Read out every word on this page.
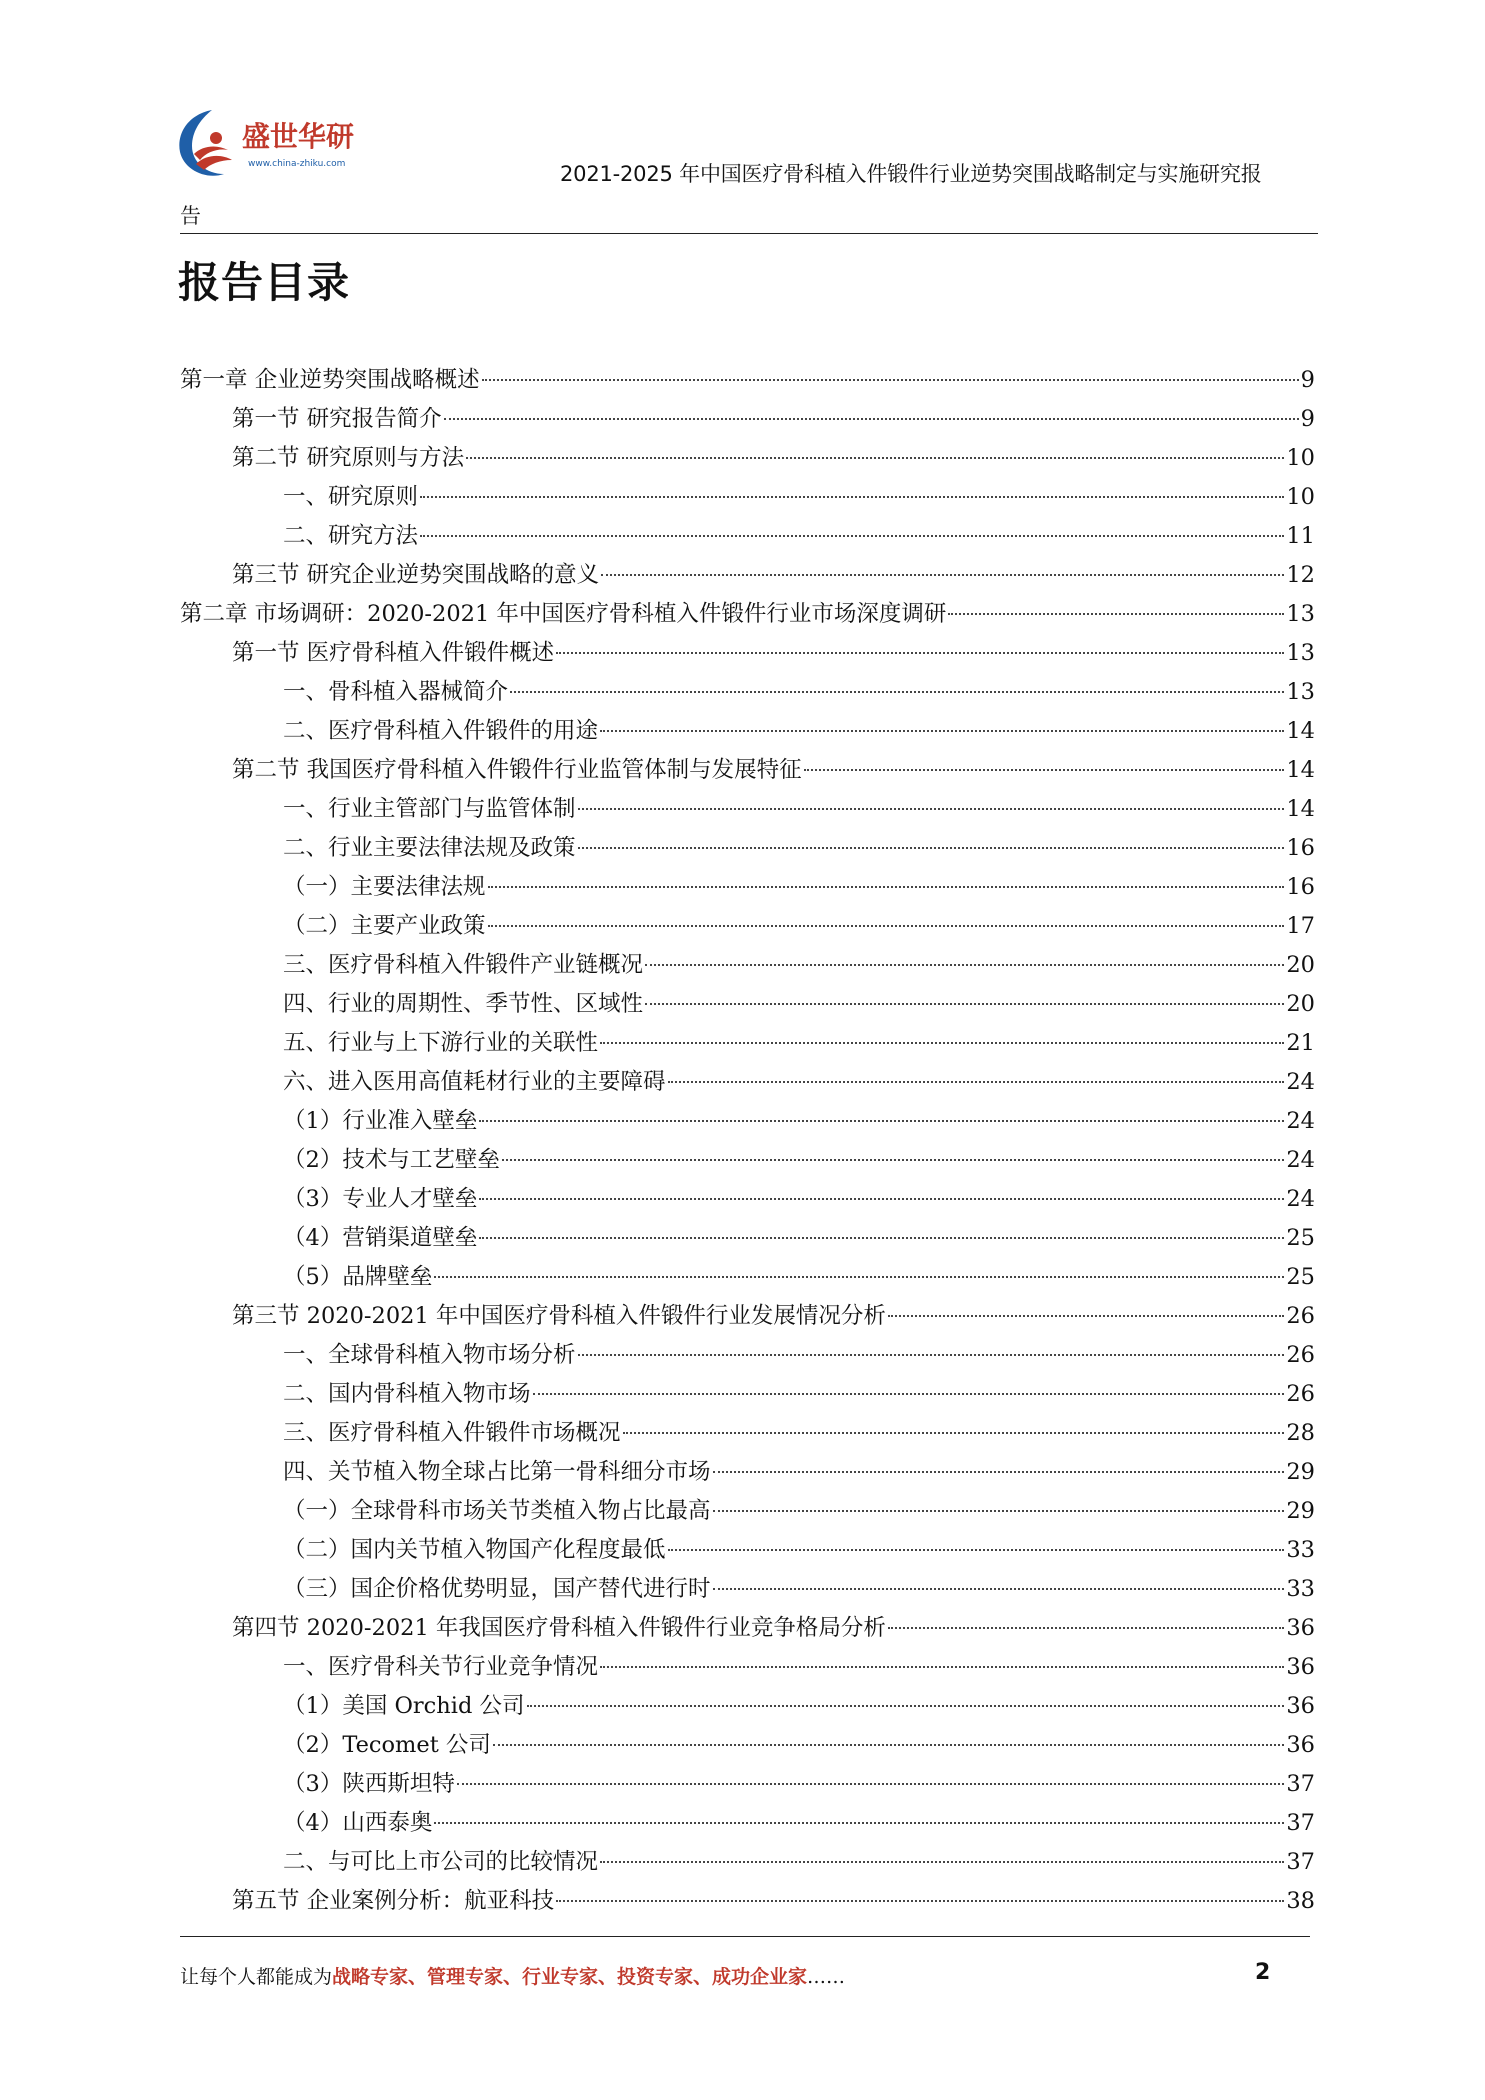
盛世华研
www.china-zhiku.com	2021-2025 年中国医疗骨科植入件锻件行业逆势突围战略制定与实施研究报
告
报告目录
第一章 企业逆势突围战略概述	9
第一节 研究报告简介	9
第二节 研究原则与方法	10
一、研究原则	10
二、研究方法	11
第三节 研究企业逆势突围战略的意义	12
第二章 市场调研：2020-2021 年中国医疗骨科植入件锻件行业市场深度调研	13
第一节 医疗骨科植入件锻件概述	13
一、骨科植入器械简介	13
二、医疗骨科植入件锻件的用途	14
第二节 我国医疗骨科植入件锻件行业监管体制与发展特征	14
一、行业主管部门与监管体制	14
二、行业主要法律法规及政策	16
（一）主要法律法规	16
（二）主要产业政策	17
三、医疗骨科植入件锻件产业链概况	20
四、行业的周期性、季节性、区域性	20
五、行业与上下游行业的关联性	21
六、进入医用高值耗材行业的主要障碍	24
（1）行业准入壁垒	24
（2）技术与工艺壁垒	24
（3）专业人才壁垒	24
（4）营销渠道壁垒	25
（5）品牌壁垒	25
第三节 2020-2021 年中国医疗骨科植入件锻件行业发展情况分析	26
一、全球骨科植入物市场分析	26
二、国内骨科植入物市场	26
三、医疗骨科植入件锻件市场概况	28
四、关节植入物全球占比第一骨科细分市场	29
（一）全球骨科市场关节类植入物占比最高	29
（二）国内关节植入物国产化程度最低	33
（三）国企价格优势明显，国产替代进行时	33
第四节 2020-2021 年我国医疗骨科植入件锻件行业竞争格局分析	36
一、医疗骨科关节行业竞争情况	36
（1）美国 Orchid 公司	36
（2）Tecomet 公司	36
（3）陕西斯坦特	37
（4）山西泰奥	37
二、与可比上市公司的比较情况	37
第五节 企业案例分析：航亚科技	38
让每个人都能成为战略专家、管理专家、行业专家、投资专家、成功企业家……	2
